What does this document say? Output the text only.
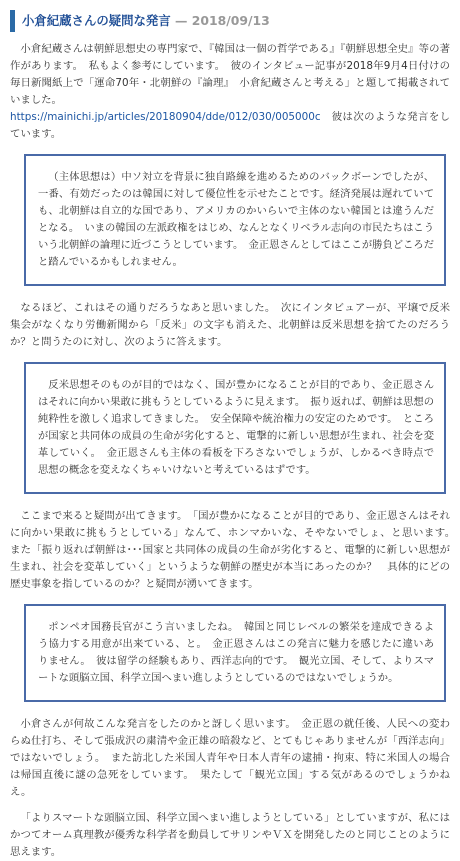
小倉紀蔵さんの疑問な発言 — 2018/09/13
小倉紀蔵さんは朝鮮思想史の専門家で、『韓国は一個の哲学である』『朝鮮思想全史』等の著作があります。　私もよく参考にしています。　彼のインタビュー記事が2018年9月4日付けの毎日新聞紙上で「運命70年・北朝鮮の『論理』　小倉紀蔵さんと考える」と題して掲載されていました。
https://mainichi.jp/articles/20180904/dde/012/030/005000c　彼は次のような発言をしています。
（主体思想は）中ソ対立を背景に独自路線を進めるためのバックボーンでしたが、一番、有効だったのは韓国に対して優位性を示せたことです。経済発展は遅れていても、北朝鮮は自立的な国であり、アメリカのかいらいで主体のない韓国とは違うんだとなる。　いまの韓国の左派政権をはじめ、なんとなくリベラル志向の市民たちはこういう北朝鮮の論理に近づこうとしています。　金正恩さんとしてはここが勝負どころだと踏んでいるかもしれません。
なるほど、これはその通りだろうなあと思いました。　次にインタビュアーが、平壌で反米集会がなくなり労働新聞から「反米」の文字も消えた、北朝鮮は反米思想を捨てたのだろうか？と問うたのに対し、次のように答えます。
反米思想そのものが目的ではなく、国が豊かになることが目的であり、金正恩さんはそれに向かい果敢に挑もうとしているように見えます。　振り返れば、朝鮮は思想の純粋性を激しく追求してきました。　安全保障や統治権力の安定のためです。　ところが国家と共同体の成員の生命が劣化すると、電撃的に新しい思想が生まれ、社会を変革していく。　金正恩さんも主体の看板を下ろさないでしょうが、しかるべき時点で思想の概念を変えなくちゃいけないと考えているはずです。
ここまで来ると疑問が出てきます。　「国が豊かになることが目的であり、金正恩さんはそれに向かい果敢に挑もうとしている」なんて、ホンマかいな、そやないでしょ、と思います。　また「振り返れば朝鮮は･･･国家と共同体の成員の生命が劣化すると、電撃的に新しい思想が生まれ、社会を変革していく」というような朝鮮の歴史が本当にあったのか？　具体的にどの歴史事象を指しているのか？と疑問が湧いてきます。
ポンペオ国務長官がこう言いましたね。　韓国と同じレベルの繁栄を達成できるよう協力する用意が出来ている、と。　金正恩さんはこの発言に魅力を感じたに違いありません。　彼は留学の経験もあり、西洋志向的です。　観光立国、そして、よりスマートな頭脳立国、科学立国へまい進しようとしているのではないでしょうか。
小倉さんが何故こんな発言をしたのかと訝しく思います。　金正恩の就任後、人民への変わらぬ仕打ち、そして張成沢の粛清や金正雄の暗殺など、とてもじゃありませんが「西洋志向」ではないでしょう。　また訪北した米国人青年や日本人青年の逮捕・拘束、特に米国人の場合は帰国直後に謎の急死をしています。　果たして「観光立国」する気があるのでしょうかねえ。
「よりスマートな頭脳立国、科学立国へまい進しようとしている」としていますが、私にはかつてオーム真理教が優秀な科学者を動員してサリンやＶＸを開発したのと同じことのように思えます。
